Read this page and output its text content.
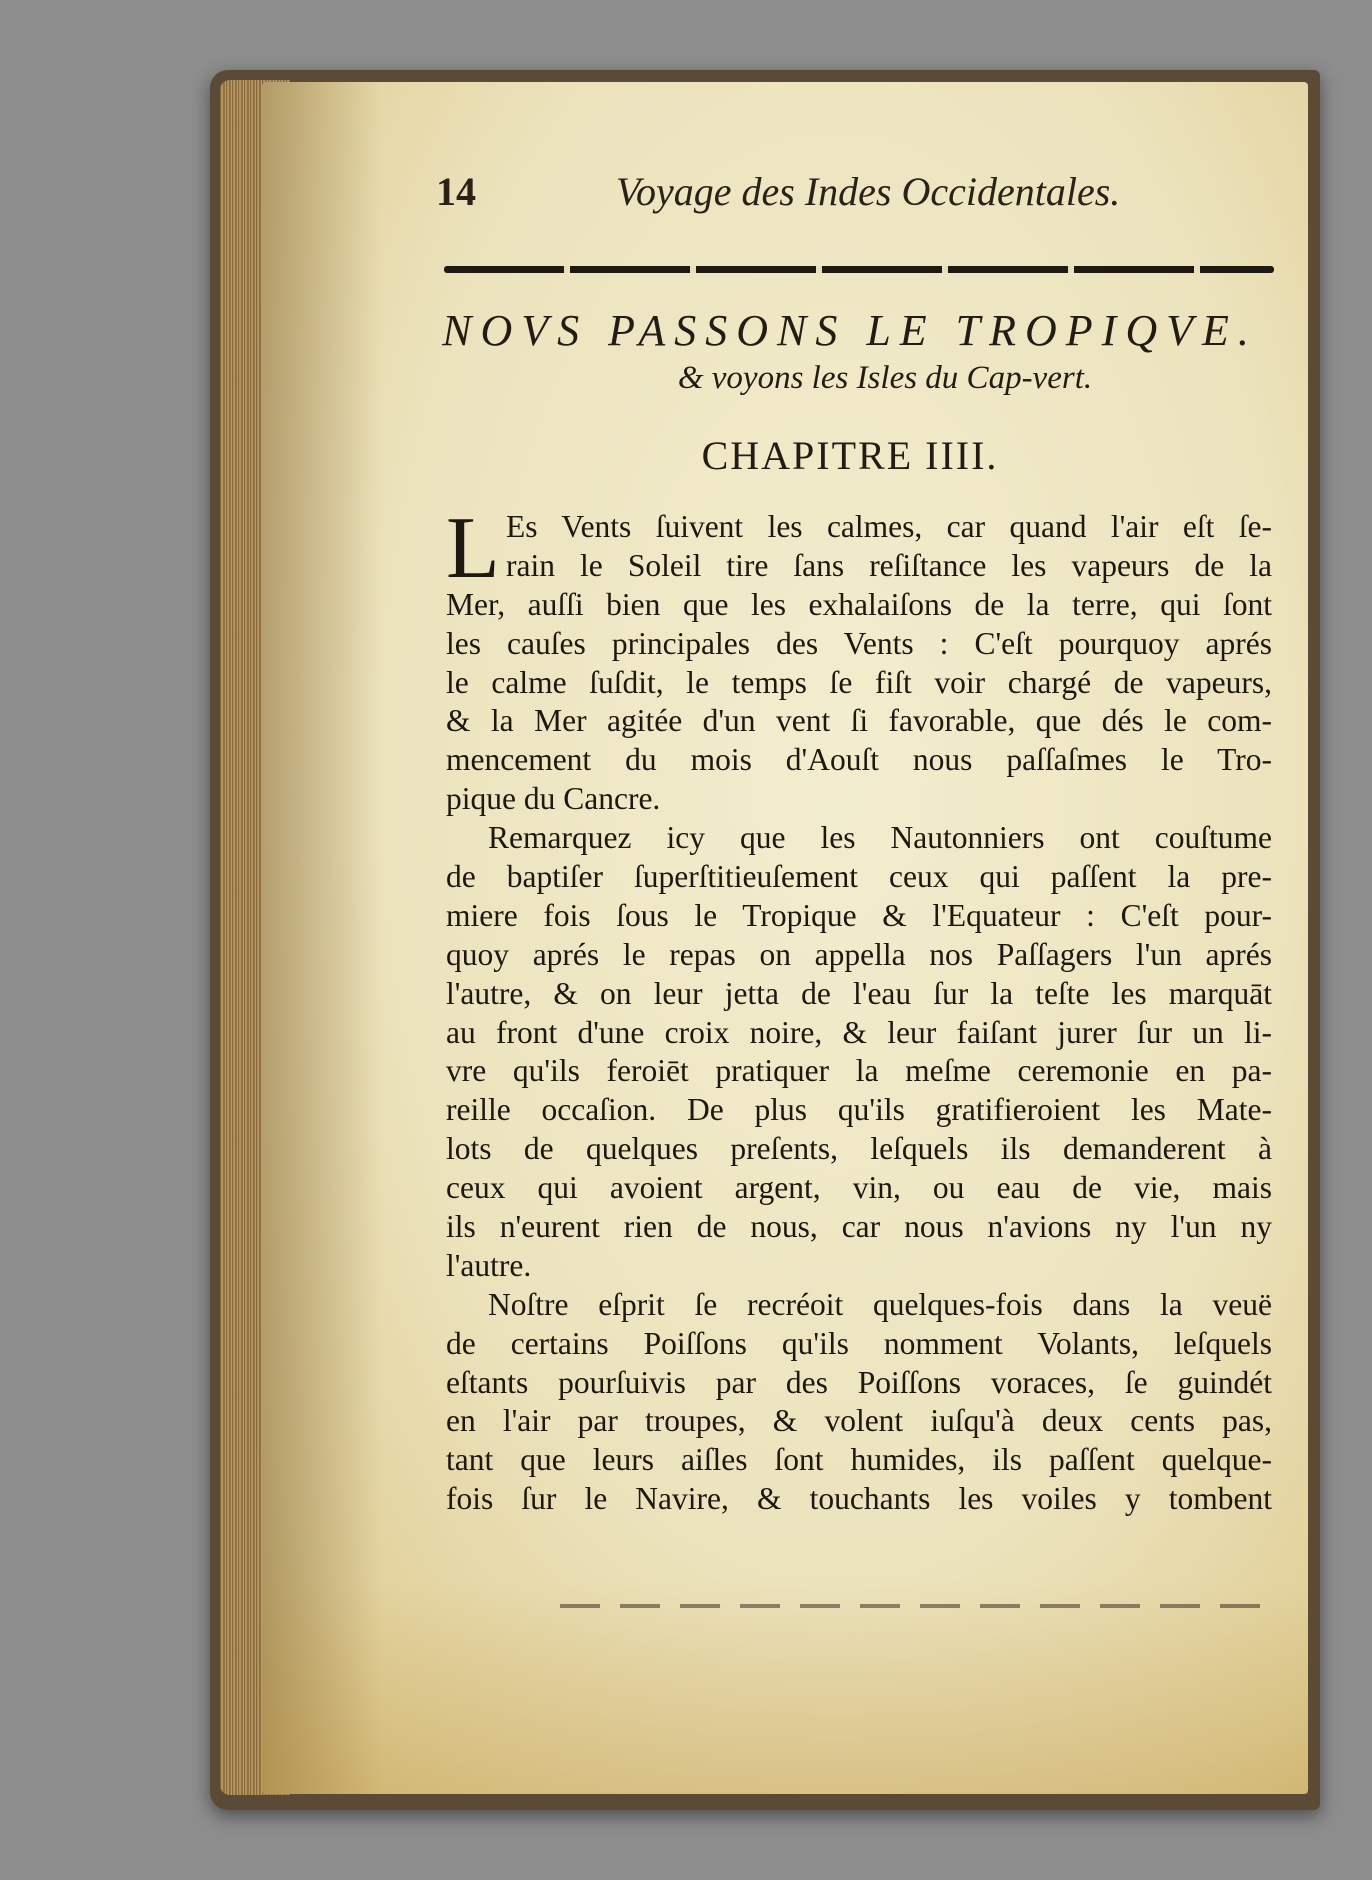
14	Voyage des Indes Occidentales.
NOVS PASSONS LE TROPIQVE.
& voyons les Isles du Cap-vert.
CHAPITRE IIII.
L Es Vents ſuivent les calmes, car quand l'air eſt ſe-
rain le Soleil tire ſans reſiſtance les vapeurs de la
Mer, auſſi bien que les exhalaiſons de la terre, qui ſont
les cauſes principales des Vents : C'eſt pourquoy aprés
le calme ſuſdit, le temps ſe fiſt voir chargé de vapeurs,
& la Mer agitée d'un vent ſi favorable, que dés le com-
mencement du mois d'Aouſt nous paſſaſmes le Tro-
pique du Cancre.
Remarquez icy que les Nautonniers ont couſtume
de baptiſer ſuperſtitieuſement ceux qui paſſent la pre-
miere fois ſous le Tropique & l'Equateur : C'eſt pour-
quoy aprés le repas on appella nos Paſſagers l'un aprés
l'autre, & on leur jetta de l'eau ſur la teſte les marquāt
au front d'une croix noire, & leur faiſant jurer ſur un li-
vre qu'ils feroiēt pratiquer la meſme ceremonie en pa-
reille occaſion. De plus qu'ils gratifieroient les Mate-
lots de quelques preſents, leſquels ils demanderent à
ceux qui avoient argent, vin, ou eau de vie, mais
ils n'eurent rien de nous, car nous n'avions ny l'un ny
l'autre.
Noſtre eſprit ſe recréoit quelques-fois dans la veuë
de certains Poiſſons qu'ils nomment Volants, leſquels
eſtants pourſuivis par des Poiſſons voraces, ſe guindét
en l'air par troupes, & volent iuſqu'à deux cents pas,
tant que leurs aiſles ſont humides, ils paſſent quelque-
fois ſur le Navire, & touchants les voiles y tombent
